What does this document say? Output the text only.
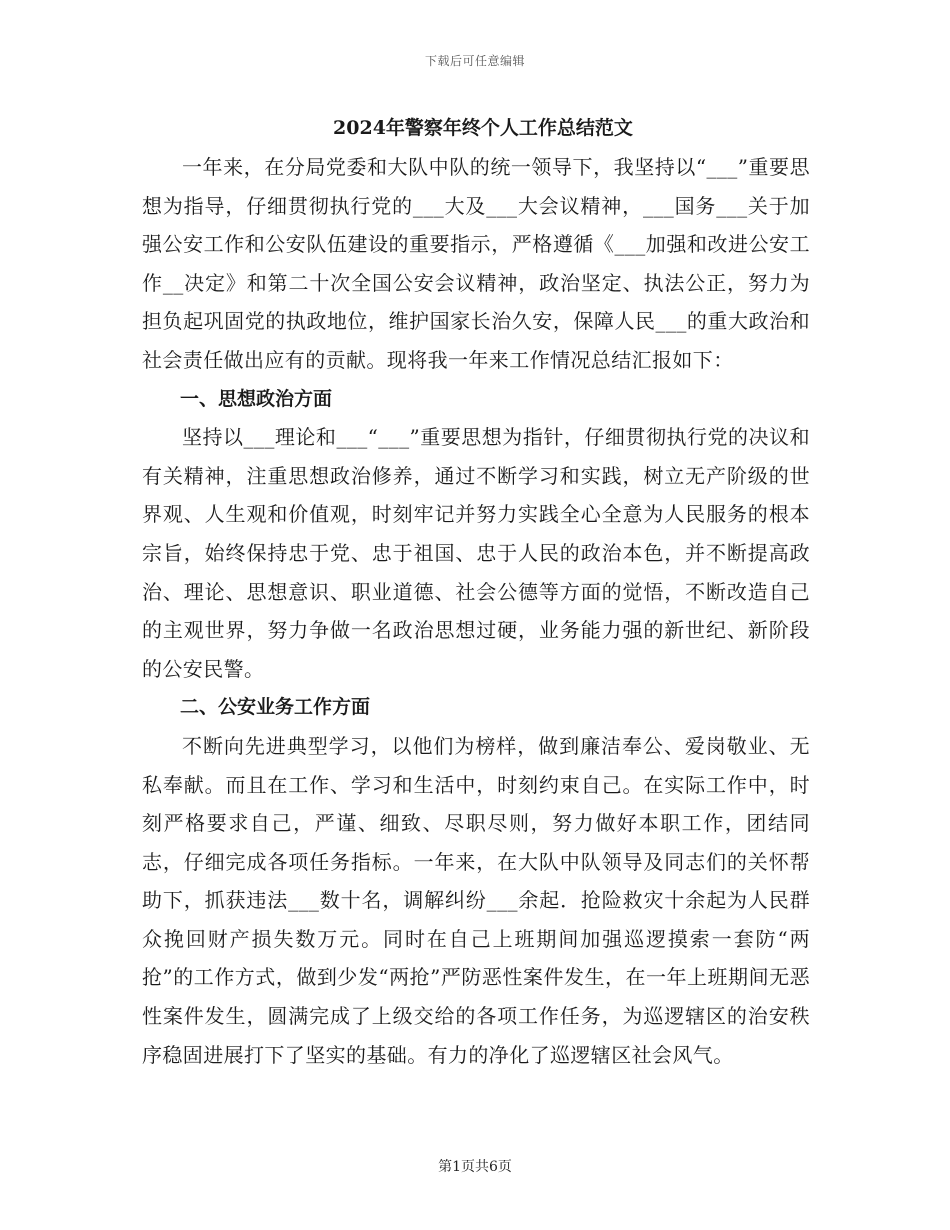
下载后可任意编辑
2024年警察年终个人工作总结范文

一年来，在分局党委和大队中队的统一领导下，我坚持以“___”重要思想为指导，仔细贯彻执行党的___大及___大会议精神，___国务___关于加强公安工作和公安队伍建设的重要指示，严格遵循《___加强和改进公安工作__决定》和第二十次全国公安会议精神，政治坚定、执法公正，努力为担负起巩固党的执政地位，维护国家长治久安，保障人民___的重大政治和社会责任做出应有的贡献。现将我一年来工作情况总结汇报如下：

一、思想政治方面

坚持以___理论和___“___”重要思想为指针，仔细贯彻执行党的决议和有关精神，注重思想政治修养，通过不断学习和实践，树立无产阶级的世界观、人生观和价值观，时刻牢记并努力实践全心全意为人民服务的根本宗旨，始终保持忠于党、忠于祖国、忠于人民的政治本色，并不断提高政治、理论、思想意识、职业道德、社会公德等方面的觉悟，不断改造自己的主观世界，努力争做一名政治思想过硬，业务能力强的新世纪、新阶段的公安民警。

二、公安业务工作方面

不断向先进典型学习，以他们为榜样，做到廉洁奉公、爱岗敬业、无私奉献。而且在工作、学习和生活中，时刻约束自己。在实际工作中，时刻严格要求自己，严谨、细致、尽职尽则，努力做好本职工作，团结同志，仔细完成各项任务指标。一年来，在大队中队领导及同志们的关怀帮助下，抓获违法___数十名，调解纠纷___余起．抢险救灾十余起为人民群众挽回财产损失数万元。同时在自己上班期间加强巡逻摸索一套防“两抢”的工作方式，做到少发“两抢”严防恶性案件发生，在一年上班期间无恶性案件发生，圆满完成了上级交给的各项工作任务，为巡逻辖区的治安秩序稳固进展打下了坚实的基础。有力的净化了巡逻辖区社会风气。

第1页共6页
